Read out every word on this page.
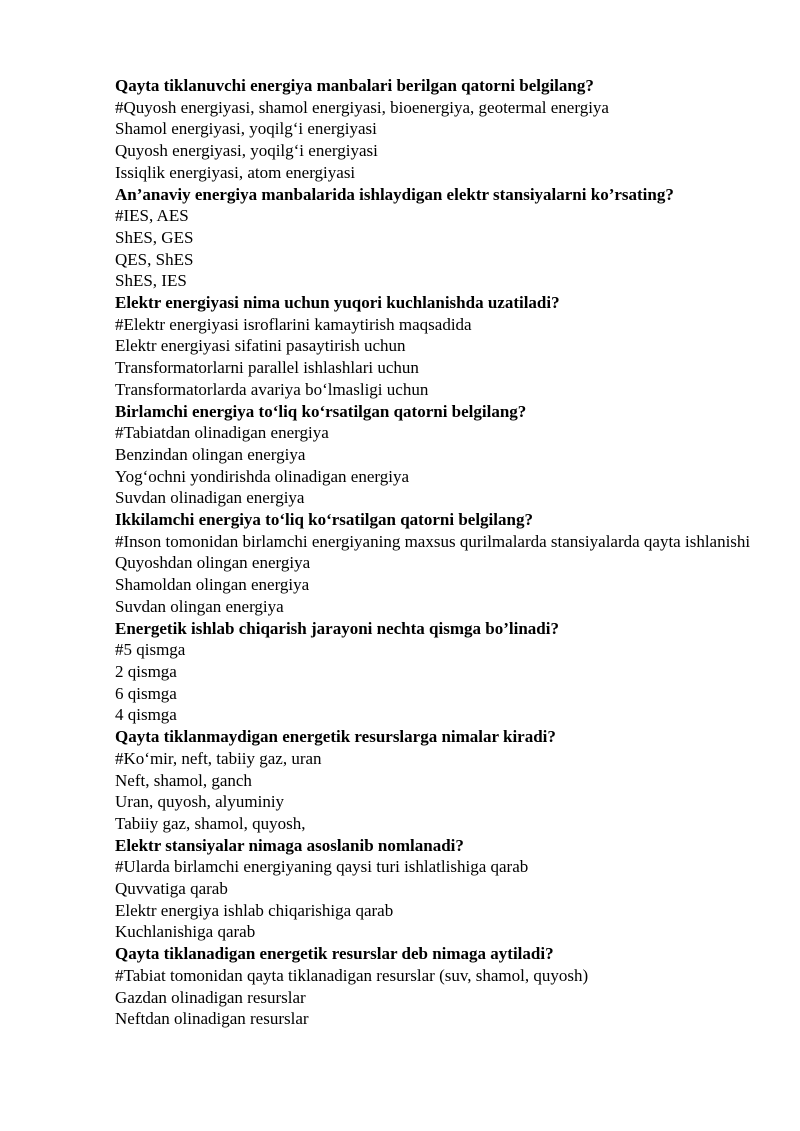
Qayta tiklanuvchi energiya manbalari berilgan qatorni belgilang?

#Quyosh energiyasi, shamol energiyasi, bioenergiya, geotermal energiya

Shamol energiyasi, yoqilg‘i energiyasi

Quyosh energiyasi, yoqilg‘i energiyasi

Issiqlik energiyasi, atom energiyasi

An’anaviy energiya manbalarida ishlaydigan elektr stansiyalarni ko’rsating?

#IES, AES

ShES, GES

QES, ShES

ShES, IES

Elektr energiyasi nima uchun yuqori kuchlanishda uzatiladi?

#Elektr energiyasi isroflarini kamaytirish maqsadida

Elektr energiyasi sifatini pasaytirish uchun

Transformatorlarni parallel ishlashlari uchun

Transformatorlarda avariya bo‘lmasligi uchun

Birlamchi energiya to‘liq ko‘rsatilgan qatorni belgilang?

#Tabiatdan olinadigan energiya

Benzindan olingan energiya

Yog‘ochni yondirishda olinadigan energiya

Suvdan olinadigan energiya

Ikkilamchi energiya to‘liq ko‘rsatilgan qatorni belgilang?

#Inson tomonidan birlamchi energiyaning maxsus qurilmalarda stansiyalarda qayta ishlanishi

Quyoshdan olingan energiya

Shamoldan olingan energiya

Suvdan olingan energiya

Energetik ishlab chiqarish jarayoni nechta qismga bo’linadi?

#5 qismga

2 qismga

6 qismga

4 qismga

Qayta tiklanmaydigan energetik resurslarga nimalar kiradi?

#Ko‘mir, neft, tabiiy gaz, uran

Neft, shamol, ganch

Uran, quyosh, alyuminiy

Tabiiy gaz, shamol, quyosh,

Elektr stansiyalar nimaga asoslanib nomlanadi?

#Ularda birlamchi energiyaning qaysi turi ishlatlishiga qarab

Quvvatiga qarab

Elektr energiya ishlab chiqarishiga qarab

Kuchlanishiga qarab

Qayta tiklanadigan energetik resurslar deb nimaga aytiladi?

#Tabiat tomonidan qayta tiklanadigan resurslar (suv, shamol, quyosh)

Gazdan olinadigan resurslar

Neftdan olinadigan resurslar
